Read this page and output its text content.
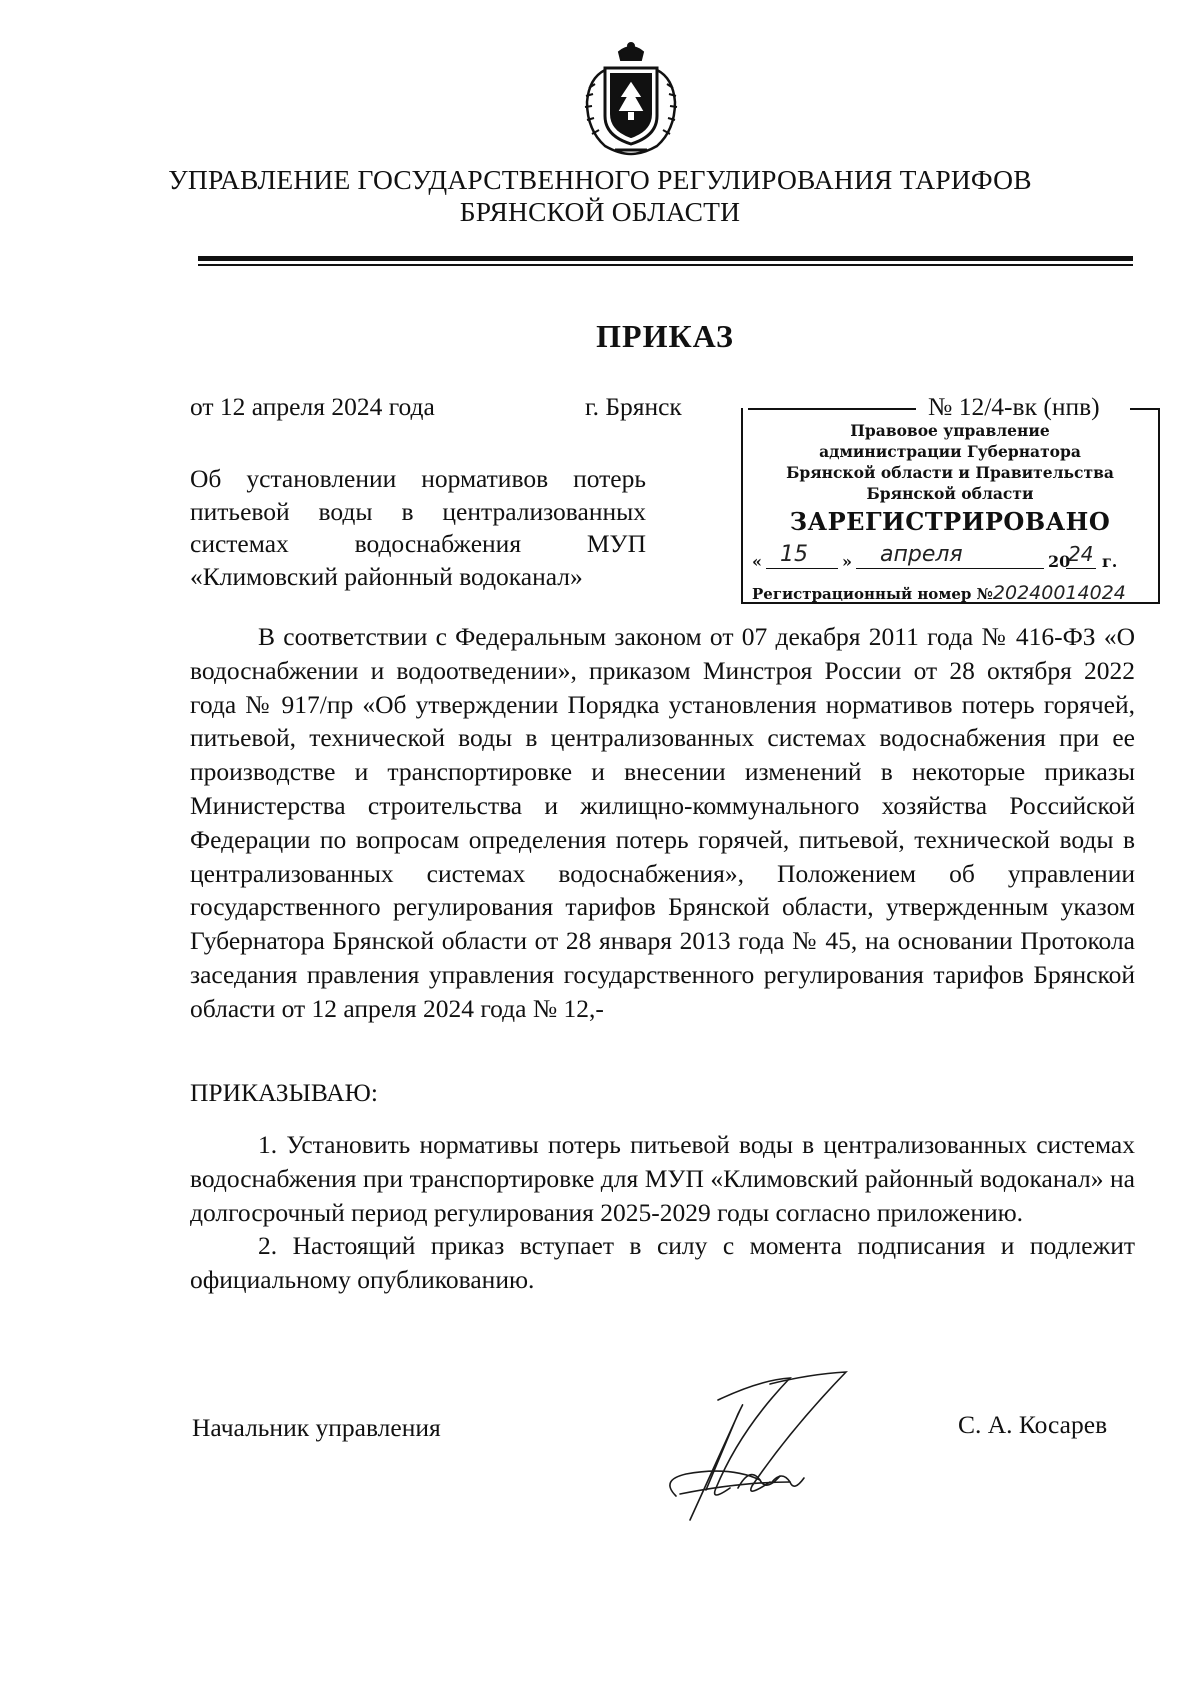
УПРАВЛЕНИЕ ГОСУДАРСТВЕННОГО РЕГУЛИРОВАНИЯ ТАРИФОВ
БРЯНСКОЙ ОБЛАСТИ
ПРИКАЗ
от 12 апреля 2024 года	г. Брянск	№ 12/4-вк (нпв)
Правовое управление
администрации Губернатора
Брянской области и Правительства
Брянской области
ЗАРЕГИСТРИРОВАНО
« 15 » апреля	20
24 г.
Регистрационный номер №20240014024
Об установлении нормативов потерь питьевой воды в централизованных системах водоснабжения МУП «Климовский районный водоканал»
В соответствии с Федеральным законом от 07 декабря 2011 года № 416-ФЗ «О водоснабжении и водоотведении», приказом Минстроя России от 28 октября 2022 года № 917/пр «Об утверждении Порядка установления нормативов потерь горячей, питьевой, технической воды в централизованных системах водоснабжения при ее производстве и транспортировке и внесении изменений в некоторые приказы Министерства строительства и жилищно-коммунального хозяйства Российской Федерации по вопросам определения потерь горячей, питьевой, технической воды в централизованных системах водоснабжения», Положением об управлении государственного регулирования тарифов Брянской области, утвержденным указом Губернатора Брянской области от 28 января 2013 года № 45, на основании Протокола заседания правления управления государственного регулирования тарифов Брянской области от 12 апреля 2024 года № 12,-
ПРИКАЗЫВАЮ:

1. Установить нормативы потерь питьевой воды в централизованных системах водоснабжения при транспортировке для МУП «Климовский районный водоканал» на долгосрочный период регулирования 2025-2029 годы согласно приложению.

2. Настоящий приказ вступает в силу с момента подписания и подлежит официальному опубликованию.

Начальник управления	С. А. Косарев
